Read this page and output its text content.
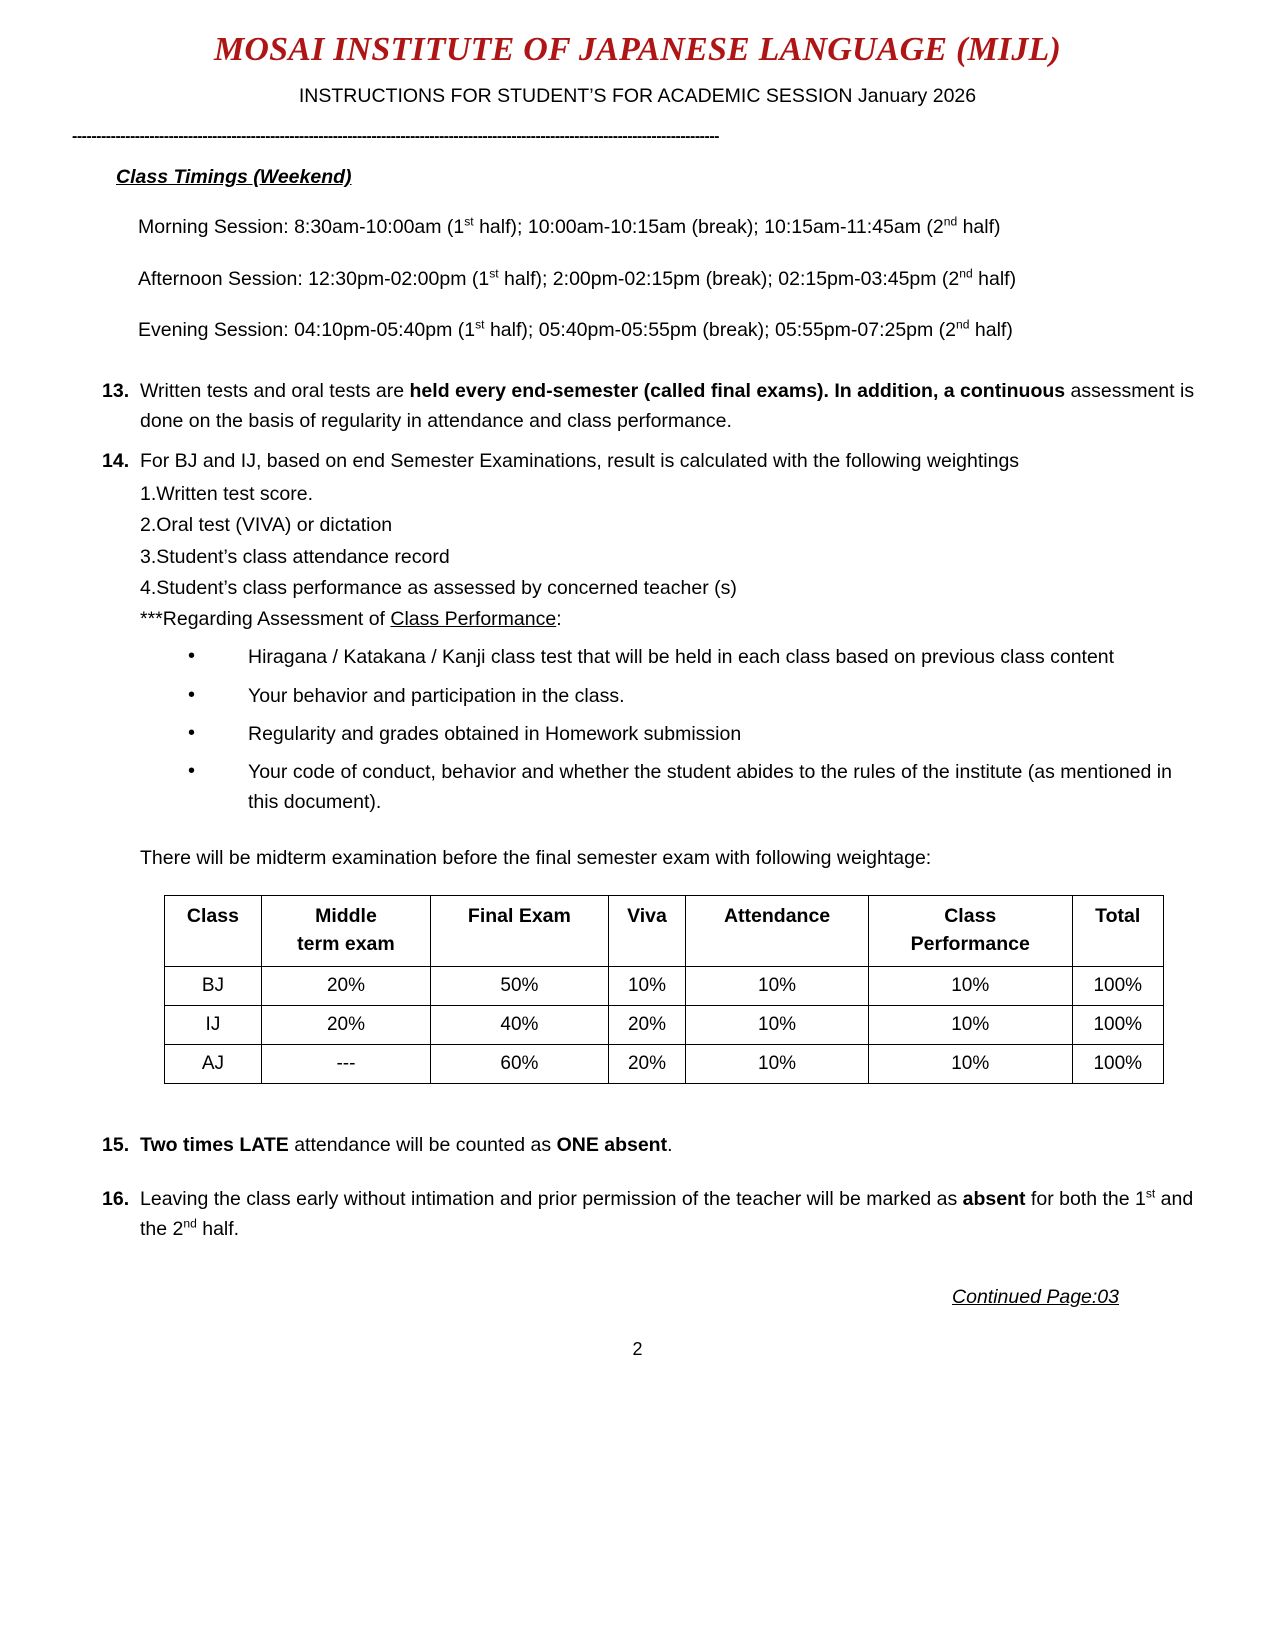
MOSAI INSTITUTE OF JAPANESE LANGUAGE (MIJL)
INSTRUCTIONS FOR STUDENT’S FOR ACADEMIC SESSION January 2026
--------------------------------------------------------------------------------------------------------------------------------------
Class Timings (Weekend)
Morning Session: 8:30am-10:00am (1st half); 10:00am-10:15am (break); 10:15am-11:45am (2nd half)
Afternoon Session: 12:30pm-02:00pm (1st half); 2:00pm-02:15pm (break); 02:15pm-03:45pm (2nd half)
Evening Session: 04:10pm-05:40pm (1st half); 05:40pm-05:55pm (break); 05:55pm-07:25pm (2nd half)
13. Written tests and oral tests are held every end-semester (called final exams). In addition, a continuous assessment is done on the basis of regularity in attendance and class performance.
14. For BJ and IJ, based on end Semester Examinations, result is calculated with the following weightings
1.Written test score.
2.Oral test (VIVA) or dictation
3.Student’s class attendance record
4.Student’s class performance as assessed by concerned teacher (s)
***Regarding Assessment of Class Performance:
•	Hiragana / Katakana / Kanji class test that will be held in each class based on previous class content
•	Your behavior and participation in the class.
•	Regularity and grades obtained in Homework submission
•	Your code of conduct, behavior and whether the student abides to the rules of the institute (as mentioned in this document).
There will be midterm examination before the final semester exam with following weightage:
Class	Middle	Final Exam	Viva	Attendance	Class	Total
	term exam				Performance	
BJ	20%	50%	10%	10%	10%	100%
IJ	20%	40%	20%	10%	10%	100%
AJ	---	60%	20%	10%	10%	100%
15. Two times LATE attendance will be counted as ONE absent.
16. Leaving the class early without intimation and prior permission of the teacher will be marked as absent for both the 1st and the 2nd half.
Continued Page:03
2
